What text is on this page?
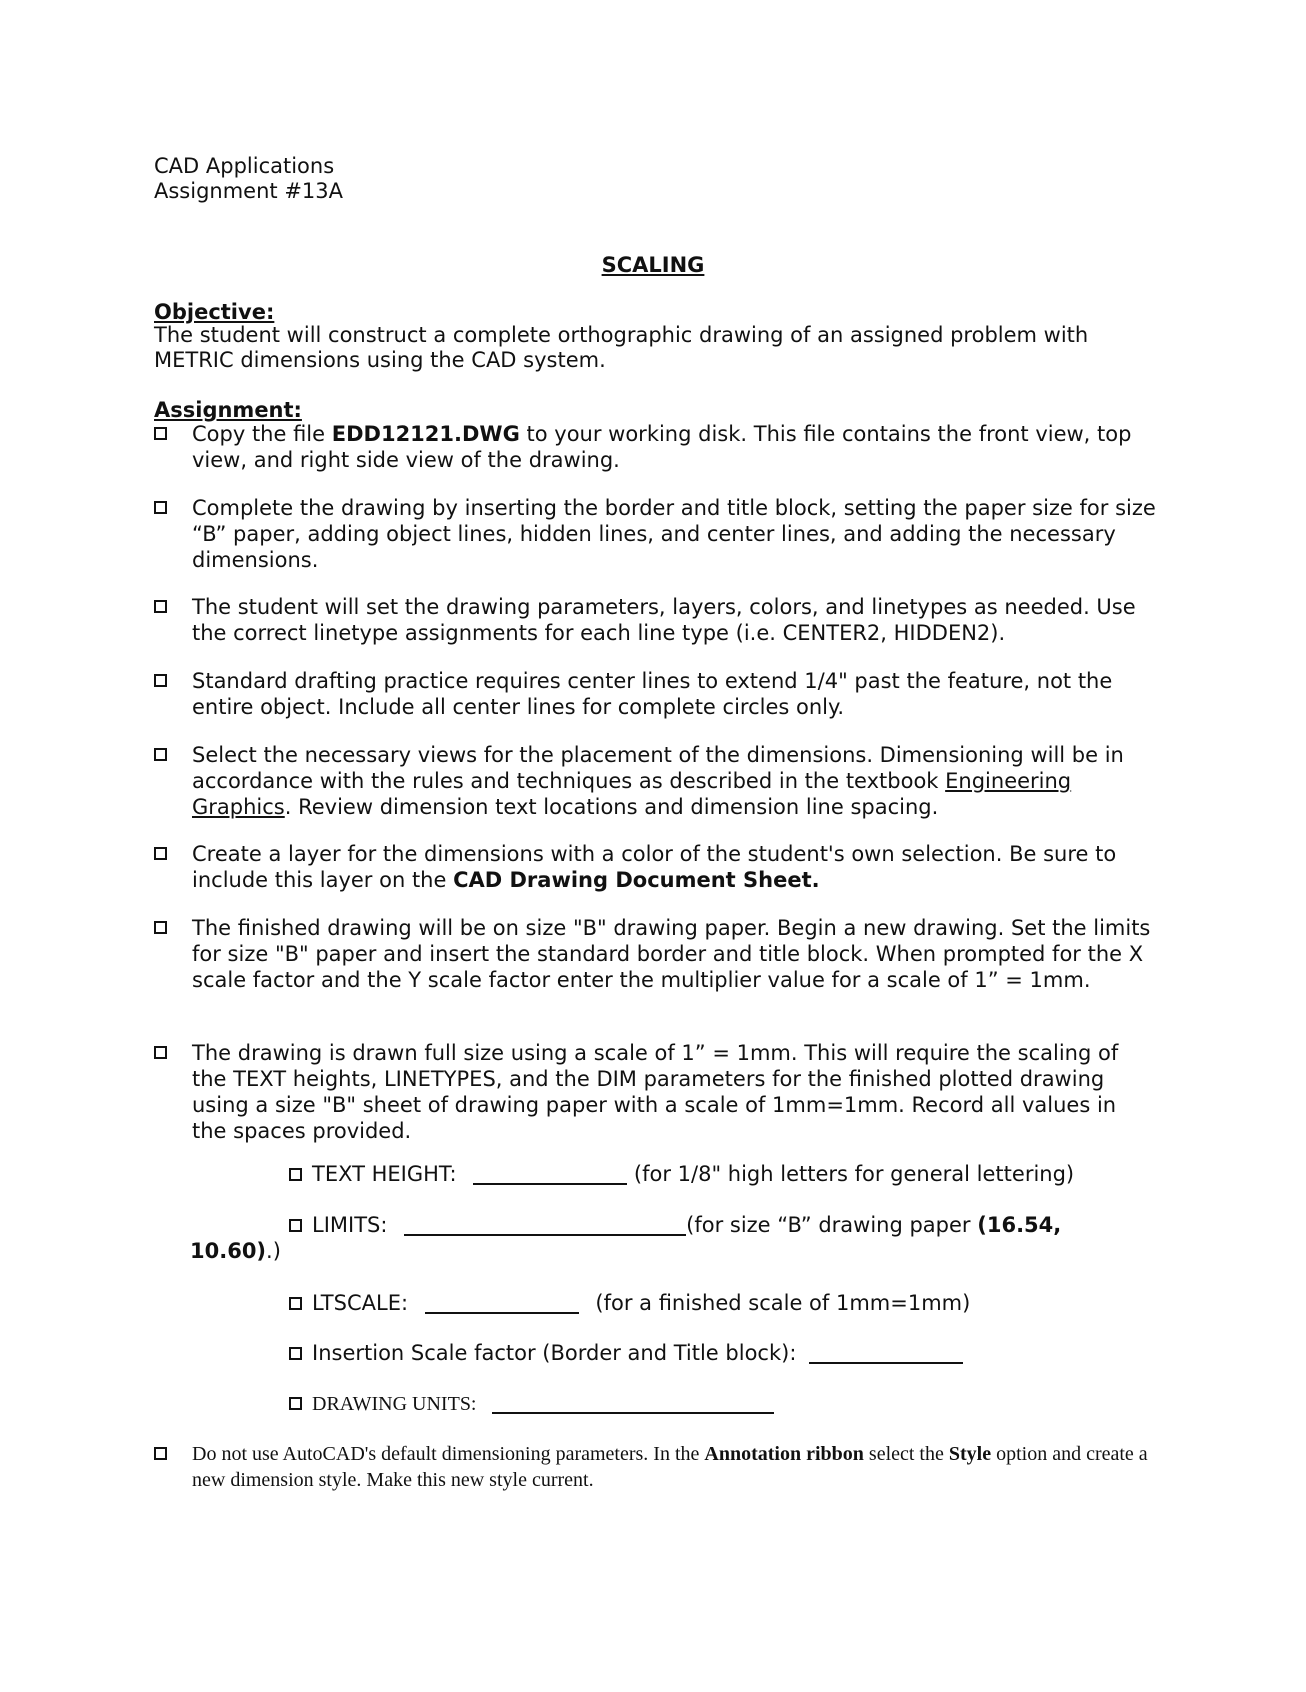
CAD Applications
Assignment #13A
SCALING
Objective:
The student will construct a complete orthographic drawing of an assigned problem with
METRIC dimensions using the CAD system.
Assignment:
Copy the file EDD12121.DWG to your working disk. This file contains the front view, top view, and right side view of the drawing.
Complete the drawing by inserting the border and title block, setting the paper size for size “B” paper, adding object lines, hidden lines, and center lines, and adding the necessary dimensions.
The student will set the drawing parameters, layers, colors, and linetypes as needed. Use the correct linetype assignments for each line type (i.e. CENTER2, HIDDEN2).
Standard drafting practice requires center lines to extend 1/4" past the feature, not the entire object. Include all center lines for complete circles only.
Select the necessary views for the placement of the dimensions. Dimensioning will be in accordance with the rules and techniques as described in the textbook Engineering Graphics. Review dimension text locations and dimension line spacing.
Create a layer for the dimensions with a color of the student's own selection. Be sure to include this layer on the CAD Drawing Document Sheet.
The finished drawing will be on size "B" drawing paper. Begin a new drawing. Set the limits for size "B" paper and insert the standard border and title block. When prompted for the X scale factor and the Y scale factor enter the multiplier value for a scale of 1” = 1mm.
The drawing is drawn full size using a scale of 1” = 1mm. This will require the scaling of the TEXT heights, LINETYPES, and the DIM parameters for the finished plotted drawing using a size "B" sheet of drawing paper with a scale of 1mm=1mm. Record all values in the spaces provided.
TEXT HEIGHT:	(for 1/8" high letters for general lettering)
LIMITS:	(for size “B” drawing paper (16.54,
10.60).)
LTSCALE:	(for a finished scale of 1mm=1mm)
Insertion Scale factor (Border and Title block):
DRAWING UNITS:
Do not use AutoCAD's default dimensioning parameters. In the Annotation ribbon select the Style option and create a new dimension style. Make this new style current.
